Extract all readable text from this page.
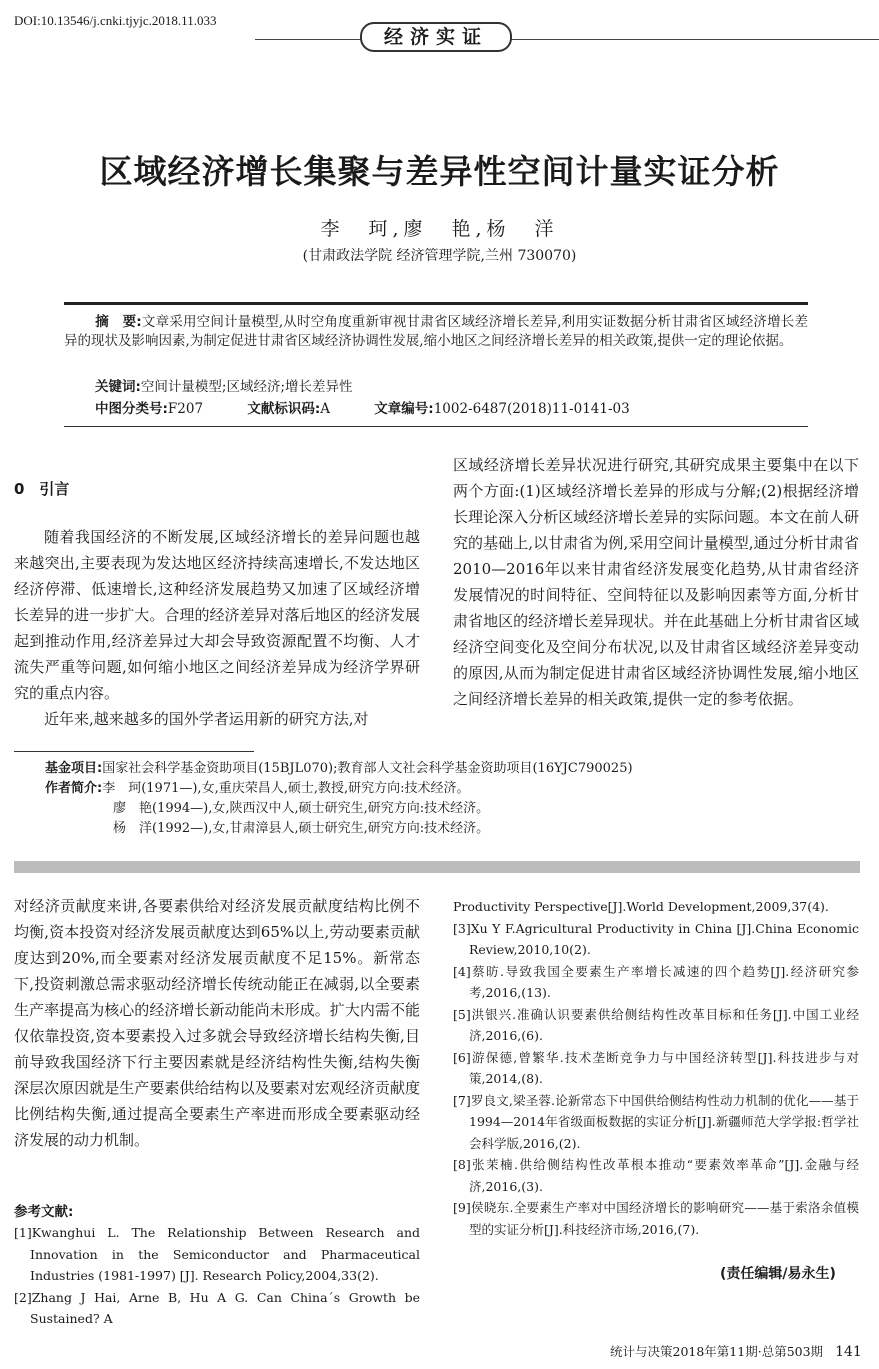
DOI:10.13546/j.cnki.tjyjc.2018.11.033
经济实证
区域经济增长集聚与差异性空间计量实证分析
李　珂,廖　艳,杨　洋
(甘肃政法学院 经济管理学院,兰州 730070)
摘　要:文章采用空间计量模型,从时空角度重新审视甘肃省区域经济增长差异,利用实证数据分析甘肃省区域经济增长差异的现状及影响因素,为制定促进甘肃省区域经济协调性发展,缩小地区之间经济增长差异的相关政策,提供一定的理论依据。
关键词:空间计量模型;区域经济;增长差异性
中图分类号:F207	文献标识码:A	文章编号:1002-6487(2018)11-0141-03
0　引言

随着我国经济的不断发展,区域经济增长的差异问题也越来越突出,主要表现为发达地区经济持续高速增长,不发达地区经济停滞、低速增长,这种经济发展趋势又加速了区域经济增长差异的进一步扩大。合理的经济差异对落后地区的经济发展起到推动作用,经济差异过大却会导致资源配置不均衡、人才流失严重等问题,如何缩小地区之间经济差异成为经济学界研究的重点内容。

近年来,越来越多的国外学者运用新的研究方法,对

区域经济增长差异状况进行研究,其研究成果主要集中在以下两个方面:(1)区域经济增长差异的形成与分解;(2)根据经济增长理论深入分析区域经济增长差异的实际问题。本文在前人研究的基础上,以甘肃省为例,采用空间计量模型,通过分析甘肃省2010—2016年以来甘肃省经济发展变化趋势,从甘肃省经济发展情况的时间特征、空间特征以及影响因素等方面,分析甘肃省地区的经济增长差异现状。并在此基础上分析甘肃省区域经济空间变化及空间分布状况,以及甘肃省区域经济差异变动的原因,从而为制定促进甘肃省区域经济协调性发展,缩小地区之间经济增长差异的相关政策,提供一定的参考依据。

基金项目:国家社会科学基金资助项目(15BJL070);教育部人文社会科学基金资助项目(16YJC790025)
作者简介:李　珂(1971—),女,重庆荣昌人,硕士,教授,研究方向:技术经济。
廖　艳(1994—),女,陕西汉中人,硕士研究生,研究方向:技术经济。
杨　洋(1992—),女,甘肃漳县人,硕士研究生,研究方向:技术经济。

对经济贡献度来讲,各要素供给对经济发展贡献度结构比例不均衡,资本投资对经济发展贡献度达到65%以上,劳动要素贡献度达到20%,而全要素对经济发展贡献度不足15%。新常态下,投资刺激总需求驱动经济增长传统动能正在减弱,以全要素生产率提高为核心的经济增长新动能尚未形成。扩大内需不能仅依靠投资,资本要素投入过多就会导致经济增长结构失衡,目前导致我国经济下行主要因素就是经济结构性失衡,结构失衡深层次原因就是生产要素供给结构以及要素对宏观经济贡献度比例结构失衡,通过提高全要素生产率进而形成全要素驱动经济发展的动力机制。

参考文献:
[1]Kwanghui L. The Relationship Between Research and Innovation in the Semiconductor and Pharmaceutical Industries (1981-1997) [J]. Research Policy,2004,33(2).
[2]Zhang J Hai, Arne B, Hu A G. Can China´s Growth be Sustained? A
Productivity Perspective[J].World Development,2009,37(4).
[3]Xu Y F.Agricultural Productivity in China [J].China Economic Review,2010,10(2).
[4]蔡昉.导致我国全要素生产率增长减速的四个趋势[J].经济研究参考,2016,(13).
[5]洪银兴.准确认识要素供给侧结构性改革目标和任务[J].中国工业经济,2016,(6).
[6]游保德,曾繁华.技术垄断竞争力与中国经济转型[J].科技进步与对策,2014,(8).
[7]罗良文,梁圣蓉.论新常态下中国供给侧结构性动力机制的优化——基于1994—2014年省级面板数据的实证分析[J].新疆师范大学学报:哲学社会科学版,2016,(2).
[8]张茉楠.供给侧结构性改革根本推动“要素效率革命”[J].金融与经济,2016,(3).
[9]侯晓东.全要素生产率对中国经济增长的影响研究——基于索洛余值模型的实证分析[J].科技经济市场,2016,(7).
(责任编辑/易永生)
统计与决策2018年第11期·总第503期 141
